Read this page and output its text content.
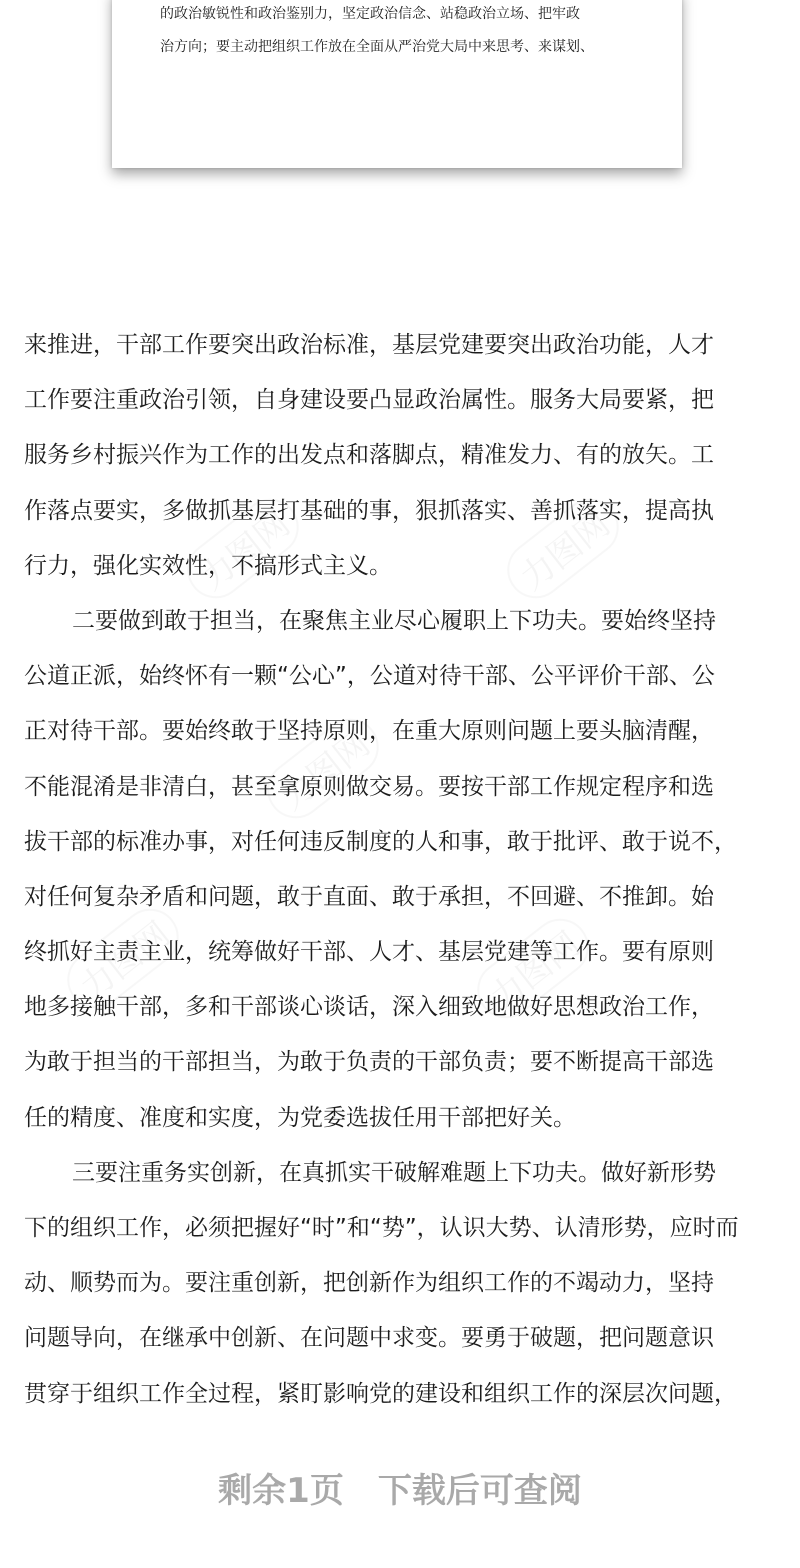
的政治敏锐性和政治鉴别力，坚定政治信念、站稳政治立场、把牢政
治方向；要主动把组织工作放在全面从严治党大局中来思考、来谋划、
力图网	力图网
力图网
力图网	力图网
来推进，干部工作要突出政治标准，基层党建要突出政治功能，人才
工作要注重政治引领，自身建设要凸显政治属性。服务大局要紧，把
服务乡村振兴作为工作的出发点和落脚点，精准发力、有的放矢。工
作落点要实，多做抓基层打基础的事，狠抓落实、善抓落实，提高执
行力，强化实效性，不搞形式主义。
二要做到敢于担当，在聚焦主业尽心履职上下功夫。要始终坚持
公道正派，始终怀有一颗“公心”，公道对待干部、公平评价干部、公
正对待干部。要始终敢于坚持原则，在重大原则问题上要头脑清醒，
不能混淆是非清白，甚至拿原则做交易。要按干部工作规定程序和选
拔干部的标准办事，对任何违反制度的人和事，敢于批评、敢于说不，
对任何复杂矛盾和问题，敢于直面、敢于承担，不回避、不推卸。始
终抓好主责主业，统筹做好干部、人才、基层党建等工作。要有原则
地多接触干部，多和干部谈心谈话，深入细致地做好思想政治工作，
为敢于担当的干部担当，为敢于负责的干部负责；要不断提高干部选
任的精度、准度和实度，为党委选拔任用干部把好关。
三要注重务实创新，在真抓实干破解难题上下功夫。做好新形势
下的组织工作，必须把握好“时”和“势”，认识大势、认清形势，应时而
动、顺势而为。要注重创新，把创新作为组织工作的不竭动力，坚持
问题导向，在继承中创新、在问题中求变。要勇于破题，把问题意识
贯穿于组织工作全过程，紧盯影响党的建设和组织工作的深层次问题，
剩余1页 下载后可查阅
